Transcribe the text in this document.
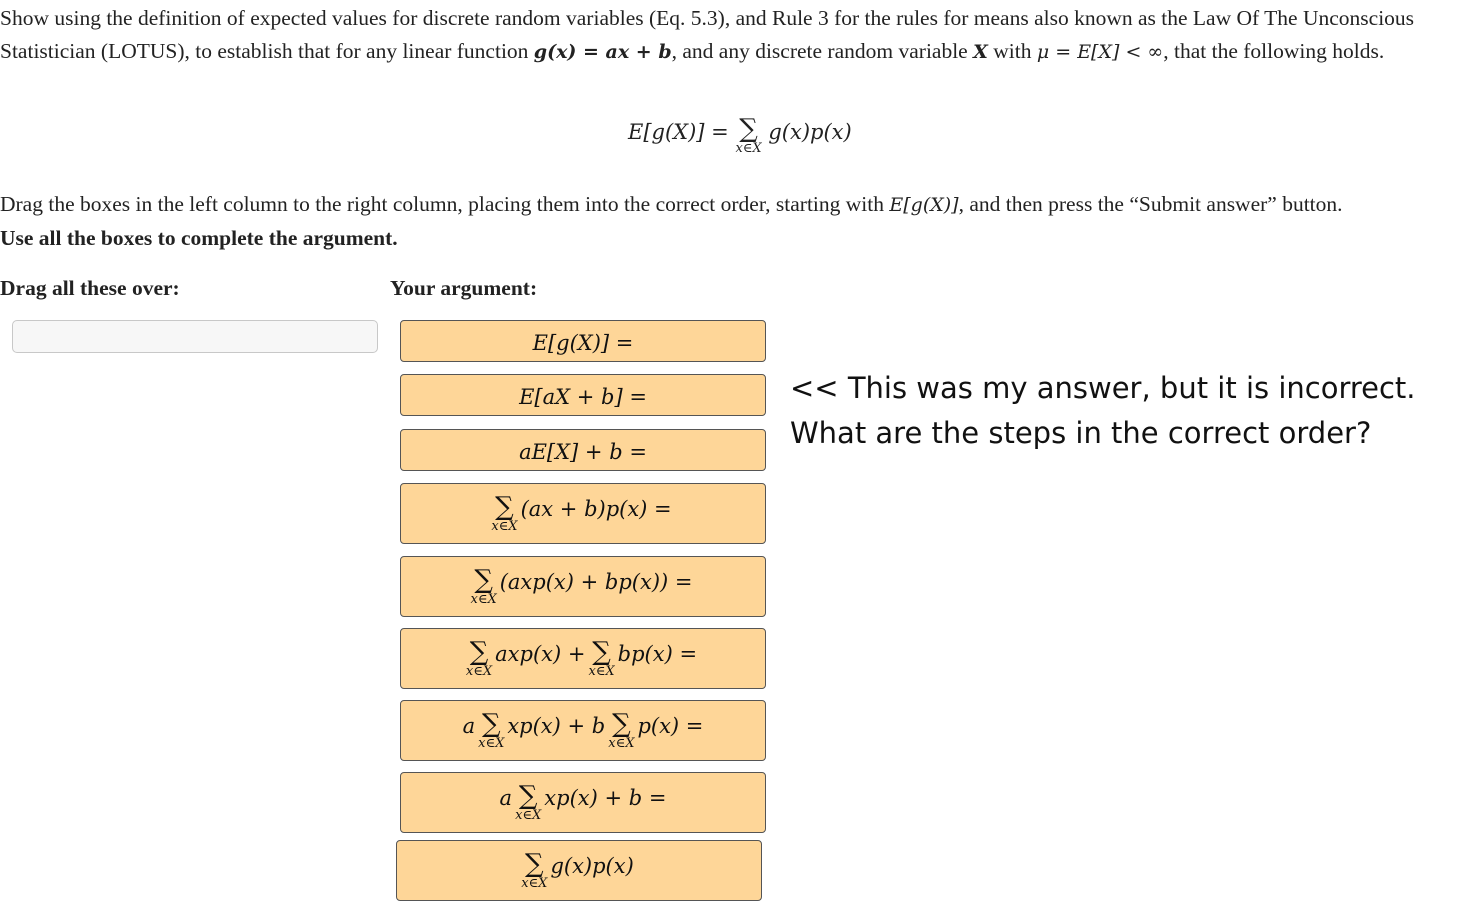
Show using the definition of expected values for discrete random variables (Eq. 5.3), and Rule 3 for the rules for means also known as the Law Of The Unconscious Statistician (LOTUS), to establish that for any linear function g(x) = ax + b, and any discrete random variable X with μ = E[X] < ∞, that the following holds.
E[g(X)] = ∑
x∈X
g(x)p(x)
Drag the boxes in the left column to the right column, placing them into the correct order, starting with E[g(X)], and then press the “Submit answer” button.
Use all the boxes to complete the argument.
Drag all these over:	Your argument:
E[g(X)] =
E[aX + b] =
aE[X] + b =
∑
x∈X
(ax + b)p(x) =
∑
x∈X
(axp(x) + bp(x)) =
∑
x∈X
axp(x) + ∑
x∈X
bp(x) =
a ∑
x∈X
xp(x) + b ∑
x∈X
p(x) =
a ∑
x∈X
xp(x) + b =
∑
x∈X
g(x)p(x)
<< This was my answer, but it is incorrect.
What are the steps in the correct order?
